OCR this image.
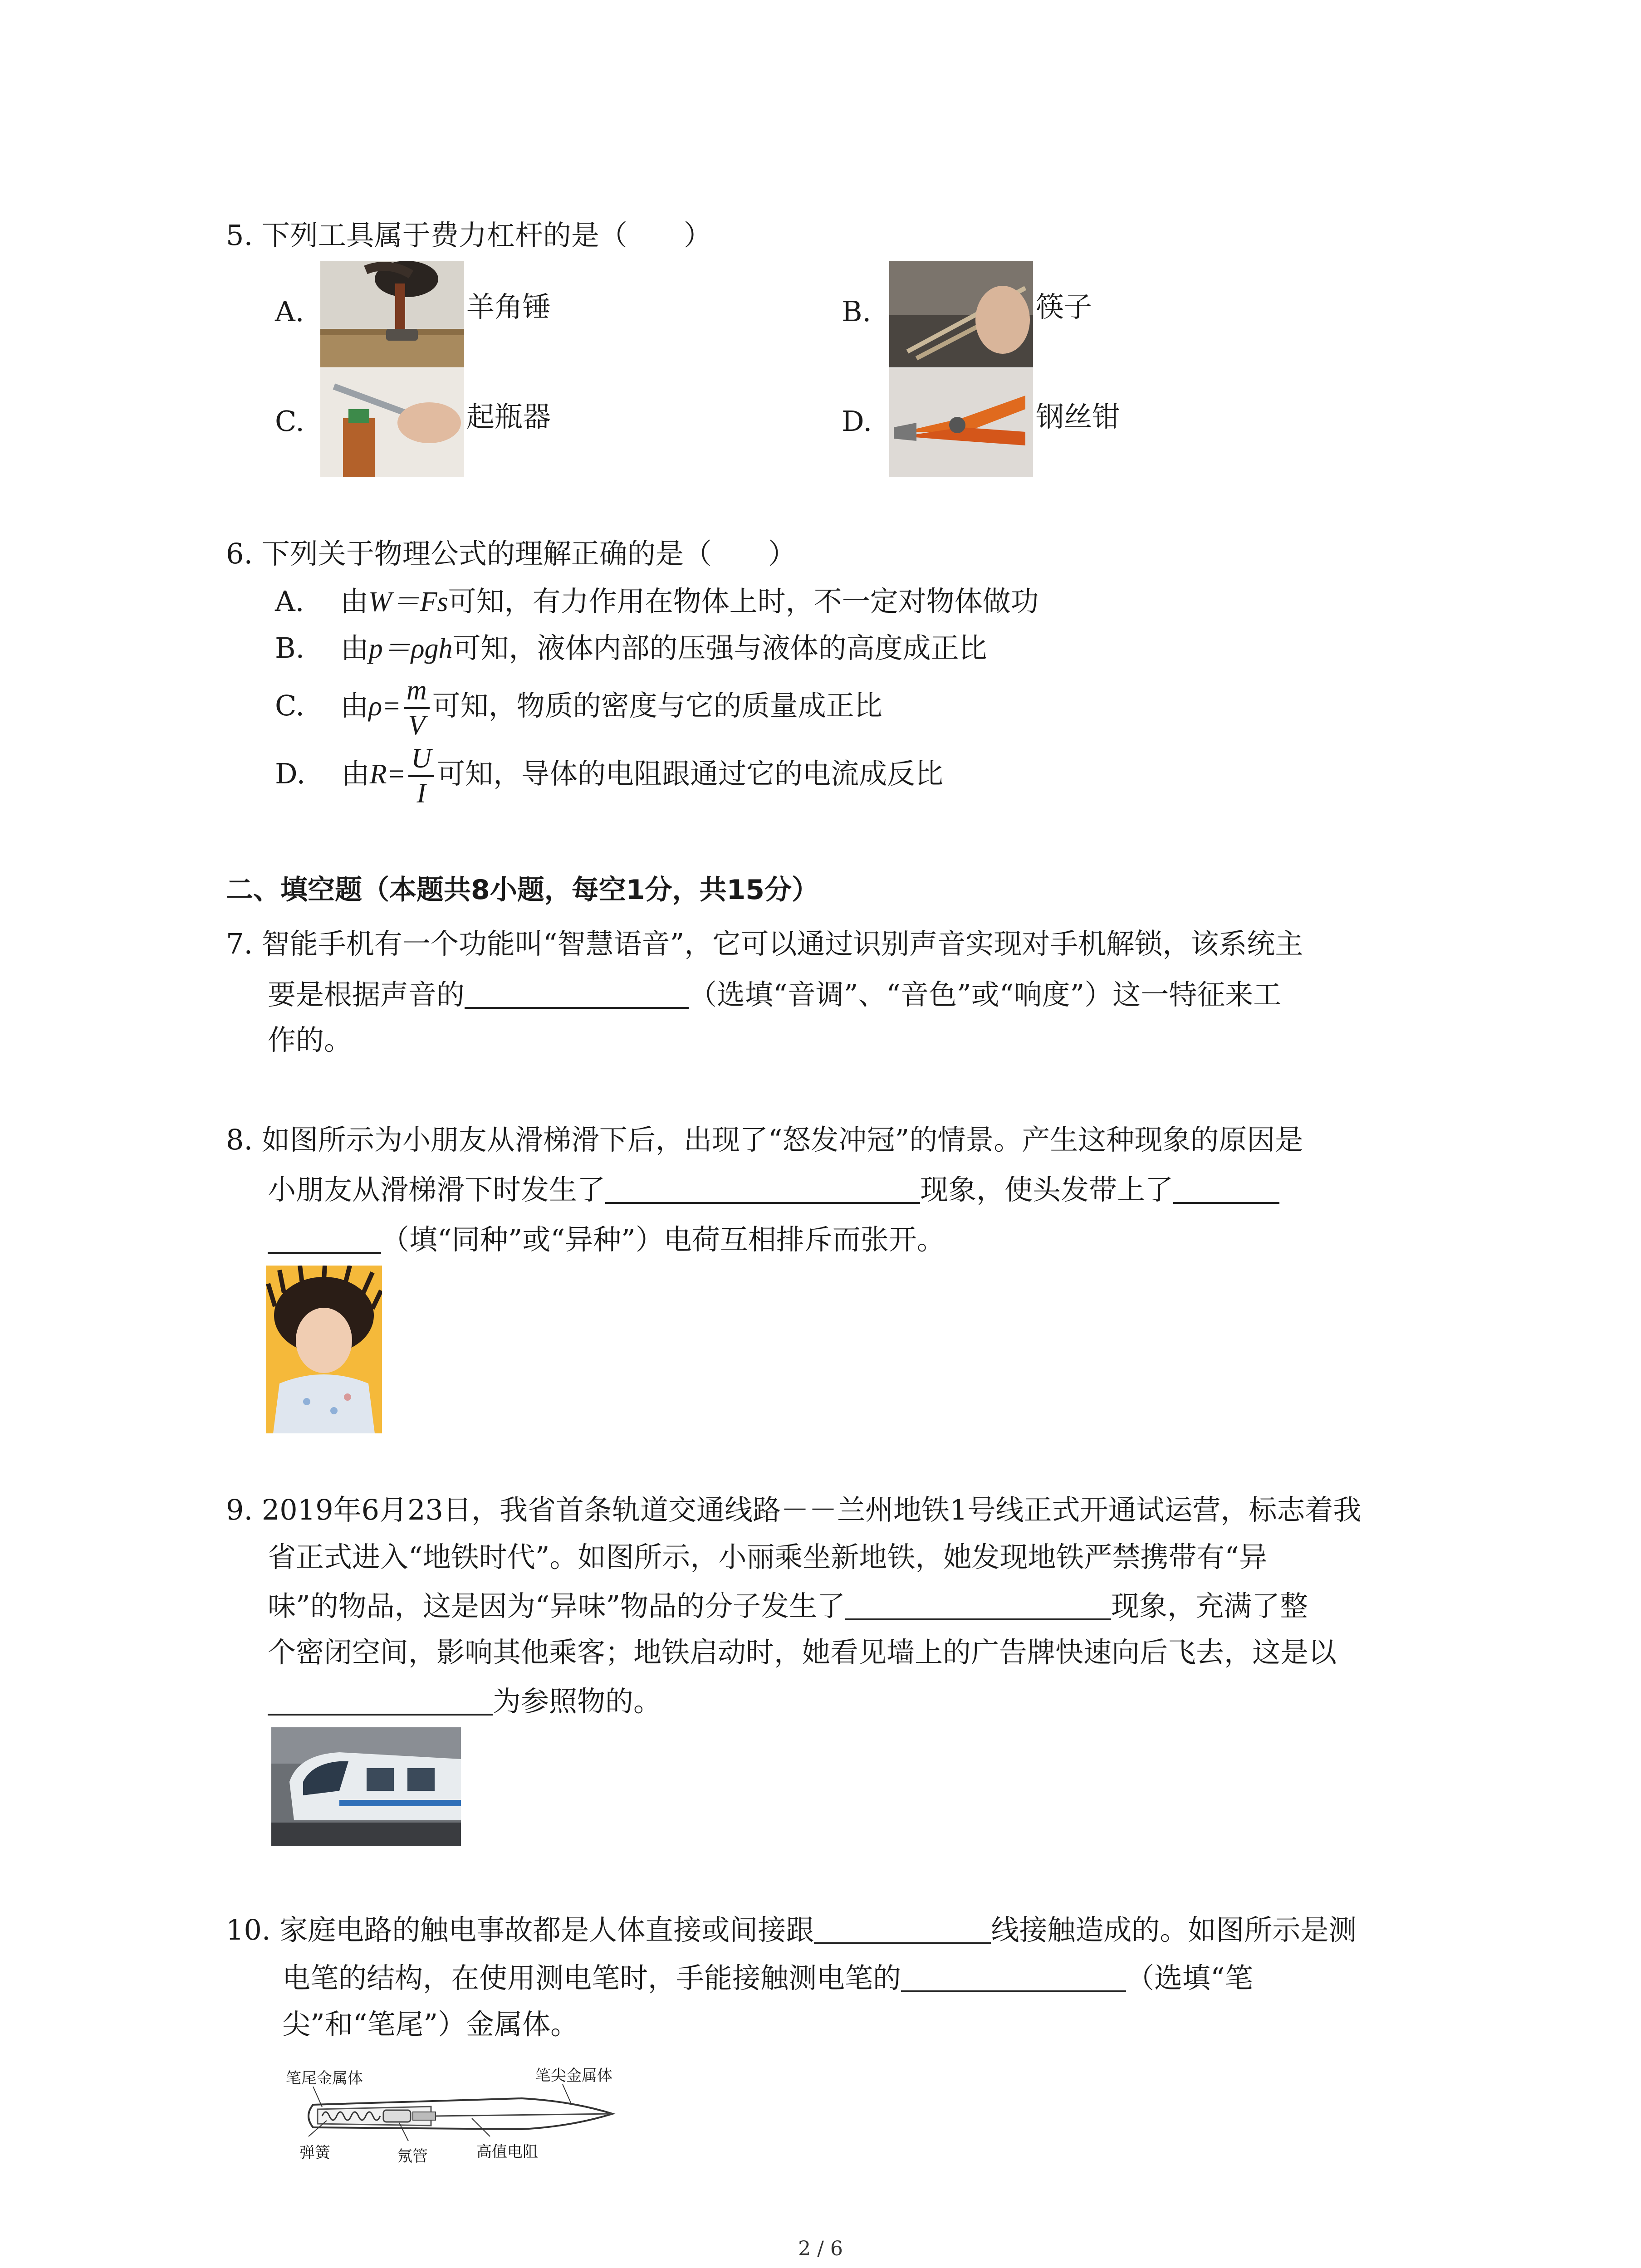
5. 下列工具属于费力杠杆的是（　　）
A.	羊角锤	B.	筷子
C.	起瓶器	D.	钢丝钳
6. 下列关于物理公式的理解正确的是（　　）
A. 由W＝Fs可知，有力作用在物体上时，不一定对物体做功
B. 由p＝ρgh可知，液体内部的压强与液体的高度成正比
C. 由$\rho= \frac{m}{V}$ 可知，物质的密度与它的质量成正比
D. 由$R= \frac{U}{I}$ 可知，导体的电阻跟通过它的电流成反比
二、填空题（本题共8小题，每空1分，共15分）
7. 智能手机有一个功能叫“智慧语音”，它可以通过识别声音实现对手机解锁，该系统主
要是根据声音的	（选填“音调”、“音色”或“响度”）这一特征来工
作的。
8. 如图所示为小朋友从滑梯滑下后，出现了“怒发冲冠”的情景。产生这种现象的原因是
小朋友从滑梯滑下时发生了	现象，使头发带上了
（填“同种”或“异种”）电荷互相排斥而张开。
9. 2019年6月23日，我省首条轨道交通线路－－兰州地铁1号线正式开通试运营，标志着我
省正式进入“地铁时代”。如图所示，小丽乘坐新地铁，她发现地铁严禁携带有“异
味”的物品，这是因为“异味”物品的分子发生了	现象，充满了整
个密闭空间，影响其他乘客；地铁启动时，她看见墙上的广告牌快速向后飞去，这是以
为参照物的。
10. 家庭电路的触电事故都是人体直接或间接跟	线接触造成的。如图所示是测
电笔的结构，在使用测电笔时，手能接触测电笔的	（选填“笔
尖”和“笔尾”）金属体。
笔尾金属体	笔尖金属体
弹簧	氖管	高值电阻
2 / 6
